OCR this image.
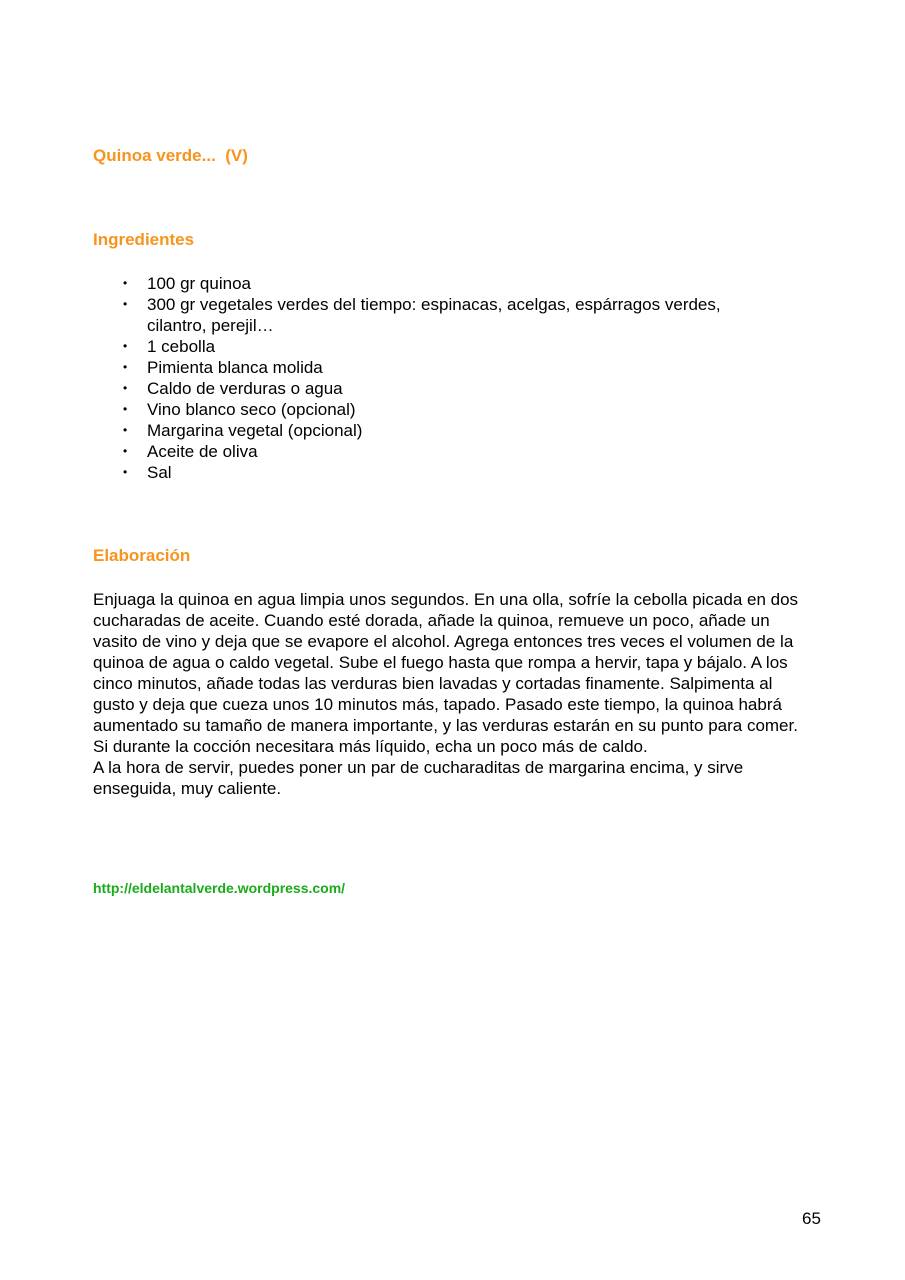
Quinoa verde...  (V)
Ingredientes
• 100 gr quinoa
• 300 gr vegetales verdes del tiempo: espinacas, acelgas, espárragos verdes, cilantro, perejil…
• 1 cebolla
• Pimienta blanca molida
• Caldo de verduras o agua
• Vino blanco seco (opcional)
• Margarina vegetal (opcional)
• Aceite de oliva
• Sal
Elaboración

Enjuaga la quinoa en agua limpia unos segundos. En una olla, sofríe la cebolla picada en dos cucharadas de aceite. Cuando esté dorada, añade la quinoa, remueve un poco, añade un vasito de vino y deja que se evapore el alcohol. Agrega entonces tres veces el volumen de la quinoa de agua o caldo vegetal. Sube el fuego hasta que rompa a hervir, tapa y bájalo. A los cinco minutos, añade todas las verduras bien lavadas y cortadas finamente. Salpimenta al gusto y deja que cueza unos 10 minutos más, tapado. Pasado este tiempo, la quinoa habrá aumentado su tamaño de manera importante, y las verduras estarán en su punto para comer. Si durante la cocción necesitara más líquido, echa un poco más de caldo.

A la hora de servir, puedes poner un par de cucharaditas de margarina encima, y sirve enseguida, muy caliente.

http://eldelantalverde.wordpress.com/
65
